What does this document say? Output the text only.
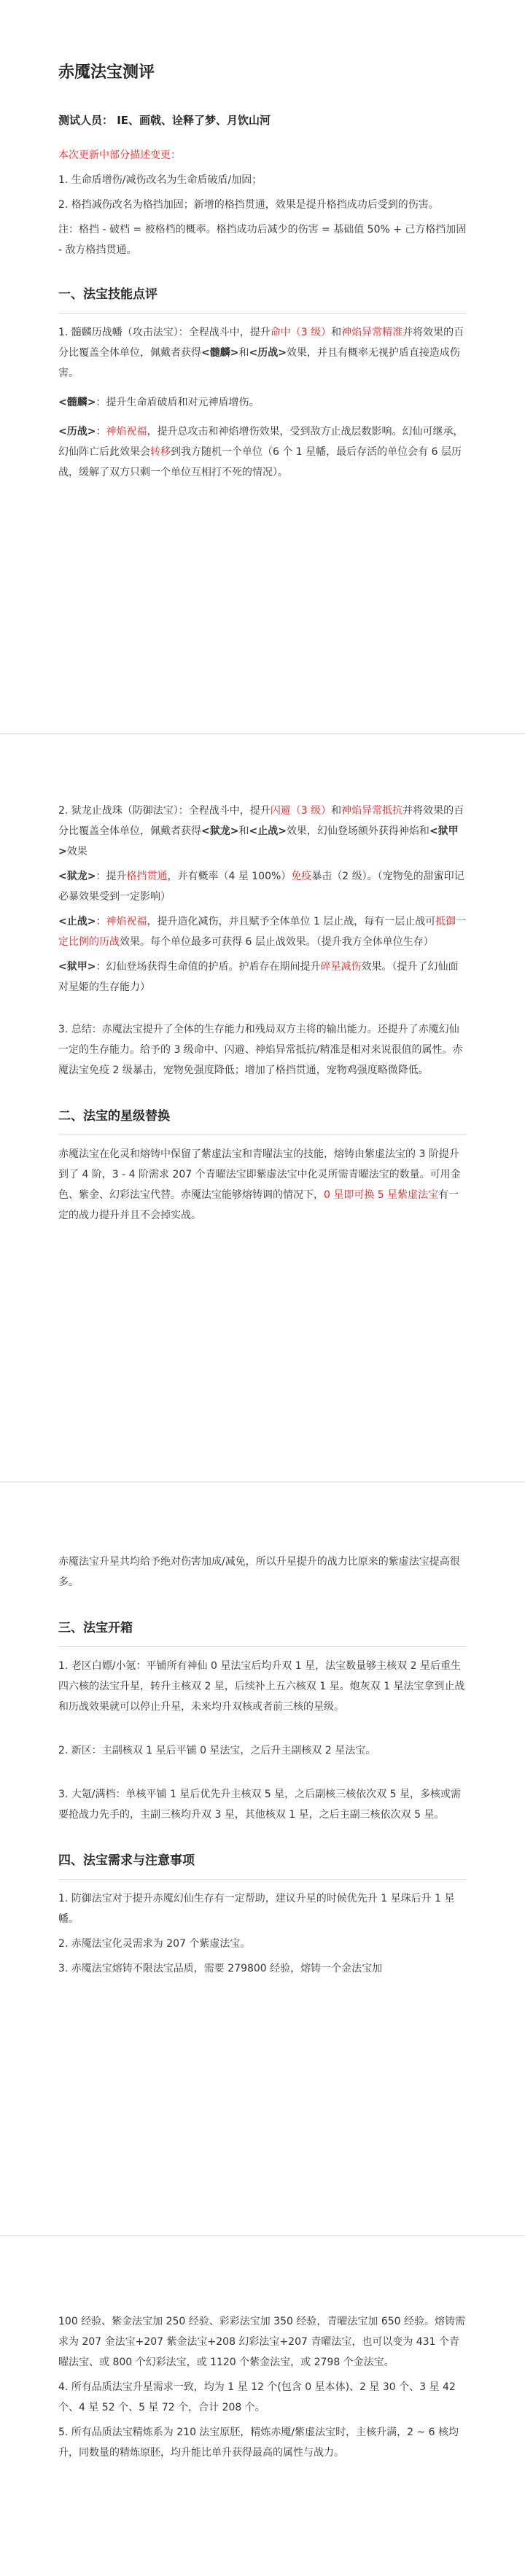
赤魇法宝测评
测试人员： IE、画戟、诠释了梦、月饮山河

本次更新中部分描述变更：

1. 生命盾增伤/减伤改名为生命盾破盾/加固；

2. 格挡减伤改名为格挡加固；新增的格挡贯通，效果是提升格挡成功后受到的伤害。

注：格挡 - 破档 = 被格档的概率。格挡成功后减少的伤害 = 基础值 50% + 己方格挡加固 - 敌方格挡贯通。

一、法宝技能点评

1. 髓麟历战幡（攻击法宝）：全程战斗中，提升命中（3 级）和神焰异常精准并将效果的百分比覆盖全体单位，佩戴者获得<髓麟>和<历战>效果，并且有概率无视护盾直接造成伤害。

<髓麟>：提升生命盾破盾和对元神盾增伤。

<历战>：神焰祝福，提升总攻击和神焰增伤效果，受到敌方止战层数影响。幻仙可继承，幻仙阵亡后此效果会转移到我方随机一个单位（6 个 1 星幡，最后存活的单位会有 6 层历战，缓解了双方只剩一个单位互相打不死的情况）。

2. 狱龙止战珠（防御法宝）：全程战斗中，提升闪避（3 级）和神焰异常抵抗并将效果的百分比覆盖全体单位，佩戴者获得<狱龙>和<止战>效果，幻仙登场额外获得神焰和<狱甲>效果

<狱龙>：提升格挡贯通，并有概率（4 星 100%）免疫暴击（2 级）。（宠物免的甜蜜印记必暴效果受到一定影响）

<止战>：神焰祝福，提升造化减伤，并且赋予全体单位 1 层止战，每有一层止战可抵御一定比例的历战效果。每个单位最多可获得 6 层止战效果。（提升我方全体单位生存）

<狱甲>：幻仙登场获得生命值的护盾。护盾存在期间提升碎星减伤效果。（提升了幻仙面对星姬的生存能力）

3. 总结：赤魇法宝提升了全体的生存能力和残局双方主将的输出能力。还提升了赤魇幻仙一定的生存能力。给予的 3 级命中、闪避、神焰异常抵抗/精准是相对来说很值的属性。赤魇法宝免疫 2 级暴击，宠物免强度降低；增加了格挡贯通，宠物鸡强度略微降低。

二、法宝的星级替换

赤魇法宝在化灵和熔铸中保留了紫虚法宝和青曜法宝的技能，熔铸由紫虚法宝的 3 阶提升到了 4 阶，3 - 4 阶需求 207 个青曜法宝即紫虚法宝中化灵所需青曜法宝的数量。可用金色、紫金、幻彩法宝代替。赤魇法宝能够熔铸调的情况下，0 星即可换 5 星紫虚法宝有一定的战力提升并且不会掉实战。

赤魇法宝升星共均给予绝对伤害加成/减免，所以升星提升的战力比原来的紫虚法宝提高很多。

三、法宝开箱

1. 老区白嫖/小氪：平铺所有神仙 0 星法宝后均升双 1 星，法宝数量够主核双 2 星后重生四六核的法宝升星，转升主核双 2 星，后续补上五六核双 1 星。炮灰双 1 星法宝拿到止战和历战效果就可以停止升星，未来均升双核或者前三核的星级。

2. 新区：主副核双 1 星后平铺 0 星法宝，之后升主副核双 2 星法宝。

3. 大氪/满档：单核平铺 1 星后优先升主核双 5 星，之后副核三核依次双 5 星，多核或需要抢战力先手的，主副三核均升双 3 星，其他核双 1 星，之后主副三核依次双 5 星。

四、法宝需求与注意事项

1. 防御法宝对于提升赤魇幻仙生存有一定帮助，建议升星的时候优先升 1 星珠后升 1 星幡。

2. 赤魇法宝化灵需求为 207 个紫虚法宝。

3. 赤魇法宝熔铸不限法宝品质，需要 279800 经验，熔铸一个金法宝加

100 经验、紫金法宝加 250 经验、彩彩法宝加 350 经验，青曜法宝加 650 经验。熔铸需求为 207 金法宝+207 紫金法宝+208 幻彩法宝+207 青曜法宝，也可以变为 431 个青曜法宝、或 800 个幻彩法宝，或 1120 个紫金法宝，或 2798 个金法宝。

4. 所有品质法宝升星需求一致，均为 1 星 12 个(包含 0 星本体)、2 星 30 个、3 星 42 个、4 星 52 个、5 星 72 个，合计 208 个。

5. 所有品质法宝精炼系为 210 法宝原胚，精炼赤魇/紫虚法宝时，主核升满，2 ~ 6 核均升，同数量的精炼原胚，均升能比单升获得最高的属性与战力。
